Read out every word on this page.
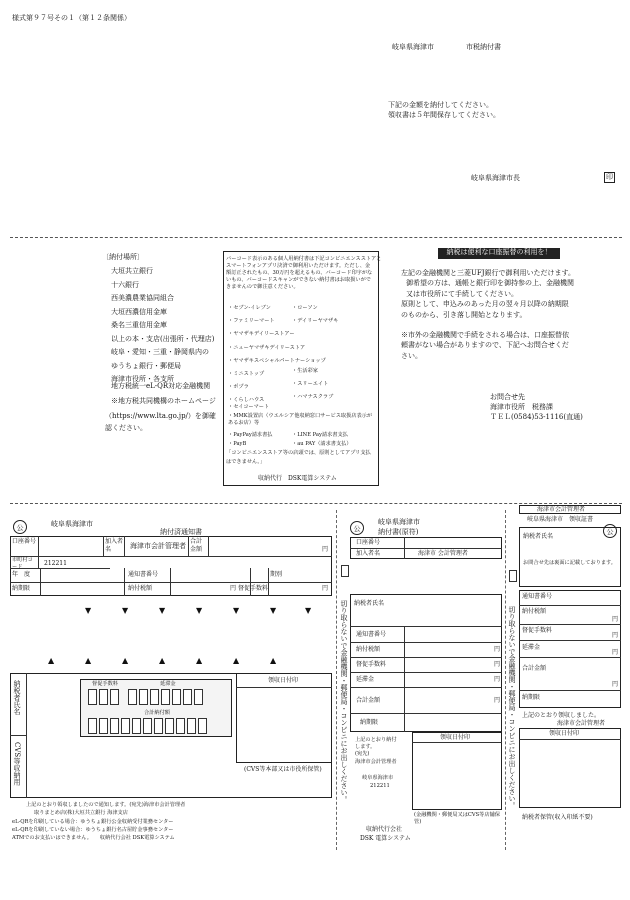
様式第９７号その１（第１２条関係）
岐阜県海津市	市税納付書
下記の金額を納付してください。
領収書は５年間保存してください。
岐阜県海津市長	印
〔納付場所〕
大垣共立銀行
十六銀行
西美濃農業協同組合
大垣西濃信用金庫
桑名三重信用金庫
以上の本・支店(出張所・代理店)
岐阜・愛知・三重・静岡県内の
ゆうちょ銀行・郵便局
海津市役所・各支所
地方税統一eL-QR対応金融機関
※地方税共同機構のホームページ
（https://www.lta.go.jp/）を御確
認ください。
バーコード表示のある個人用納付書は下記コンビニエンスストアと
スマートフォンアプリ決済で御利用いただけます。ただし、金
額訂正されたもの、30万円を超えるもの、バーコード印字がな
いもの、バーコードスキャンができない納付書はお取扱いがで
きませんので御注意ください。
・セブン-イレブン
・ファミリーマート
・ヤマザキデイリーストアー
・ニューヤマザキデイリーストア
・ヤマザキスペシャルパートナーショップ
・ミニストップ
・ポプラ
・くらしハウス
・ローソン
・デイリーヤマザキ
・生活彩家
・スリーエイト
・ハマナスクラブ
・セイコーマート
・MMK設置店（ウエルシア他収納窓口サービス取扱店表示があるお店）等
・PayPay請求書払	・LINE Pay請求書支払
・PayB	・au PAY（請求書支払）
「コンビニエンスストア等の店頭では、原則としてアプリ支払
はできません。」
収納代行　DSK電算システム
納税は便利な口座振替の利用を！
左記の金融機関と三菱UFJ銀行で御利用いただけます。
御希望の方は、通帳と銀行印を御持参の上、金融機関
又は市役所にて手続してください。
原則として、申込みのあった月の翌々月以降の納期限
のものから、引き落し開始となります。
※市外の金融機関で手続をされる場合は、口座振替依
頼書がない場合がありますので、下記へお問合せくだ
さい。
お問合せ先
海津市役所　税務課
ＴＥＬ(0584)53-1116(直通)
公	岐阜県海津市
納付済通知書
口座番号	加入者名	海津市会計管理者
合計金額	円
市町村コード	212211
年　度	通知書番号	期別
納期限	納付税額	円 督促手数料	円
▼	▼	▼	▼	▼	▼	▼
▲	▲	▲	▲	▲	▲	▲
納税者氏名
CVS等収納用
督促手数料	延滞金
合計納付額
領収日付印
(CVS等本部又は市役所保管)
上記のとおり領収しましたので通知します。(宛先)海津市会計管理者
取りまとめ店(株)大垣共立銀行 海津支店
eL-QRを印刷している場合：ゆうちょ銀行公金収納受付業務センター
eL-QRを印刷していない場合：ゆうちょ銀行名古屋貯金事務センター
ATMでのお支払いはできません。　　収納代行会社 DSK電算システム
公
岐阜県海津市
納付書(原符)
口座番号
加入者名	海津市 会計管理者
切り取らないで金融機関・郵便局・コンビニにお出しください。 納税者氏名
通知書番号
納付税額	円
督促手数料	円
延滞金	円
合計金額	円
納期限
上記のとおり納付
します。
(宛先)
海津市会計管理者
岐阜県海津市
212211
領収日付印
(金融機関・郵便局又はCVS等店舗保管)
収納代行会社
DSK 電算システム
海津市会計管理者
岐阜県海津市　領収証書
公
切り取らないで金融機関・郵便局・コンビニにお出しください。
納税者氏名
お問合せ先は裏面に記載しております。
通知書番号
納付税額
円
督促手数料
円
延滞金
円
合計金額
円
納期限
上記のとおり領収しました。
海津市会計管理者
領収日付印
納税者保管(収入印紙不要)
